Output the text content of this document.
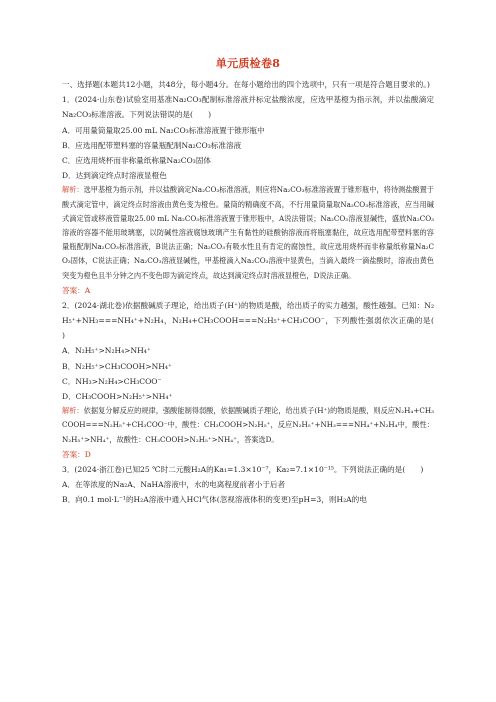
单元质检卷8

一、选择题(本题共12小题，共48分，每小题4分。在每小题给出的四个选项中，只有一项是符合题目要求的。)

1．(2024·山东卷)试验室用基准Na₂CO₃配制标准溶液并标定盐酸浓度，应选甲基橙为指示剂，并以盐酸滴定Na₂CO₃标准溶液。下列说法错误的是(　　)

A．可用量筒量取25.00 mL Na₂CO₃标准溶液置于锥形瓶中

B．应选用配带塑料塞的容量瓶配制Na₂CO₃标准溶液

C．应选用烧杯而非称量纸称量Na₂CO₃固体

D．达到滴定终点时溶液显橙色

解析：选甲基橙为指示剂，并以盐酸滴定Na₂CO₃标准溶液，则应将Na₂CO₃标准溶液置于锥形瓶中，将待测盐酸置于酸式滴定管中，滴定终点时溶液由黄色变为橙色。量筒的精确度不高，不行用量筒量取Na₂CO₃标准溶液，应当用碱式滴定管或移液管量取25.00 mL Na₂CO₃标准溶液置于锥形瓶中，A说法错误；Na₂CO₃溶液显碱性，盛放Na₂CO₃溶液的容器不能用玻璃塞，以防碱性溶液腐蚀玻璃产生有黏性的硅酸钠溶液而将瓶塞黏住，故应选用配带塑料塞的容量瓶配制Na₂CO₃标准溶液，B说法正确；Na₂CO₃有吸水性且有肯定的腐蚀性，故应选用烧杯而非称量纸称量Na₂CO₃固体，C说法正确；Na₂CO₃溶液显碱性，甲基橙滴入Na₂CO₃溶液中显黄色，当滴入最终一滴盐酸时，溶液由黄色突变为橙色且半分钟之内不变色即为滴定终点，故达到滴定终点时溶液显橙色，D说法正确。

答案：A

2．(2024·湖北卷)依据酸碱质子理论，给出质子(H⁺)的物质是酸，给出质子的实力越强，酸性越强。已知：N₂H₅⁺+NH₃===NH₄⁺+N₂H₄，N₂H₄+CH₃COOH===N₂H₅⁺+CH₃COO⁻，下列酸性强弱依次正确的是(　　)

A．N₂H₅⁺>N₂H₄>NH₄⁺

B．N₂H₅⁺>CH₃COOH>NH₄⁺

C．NH₃>N₂H₄>CH₃COO⁻

D．CH₃COOH>N₂H₅⁺>NH₄⁺

解析：依据复分解反应的规律，强酸能制得弱酸，依据酸碱质子理论，给出质子(H⁺)的物质是酸，则反应N₂H₄+CH₃COOH===N₂H₅⁺+CH₃COO⁻中，酸性：CH₃COOH>N₂H₅⁺，反应N₂H₅⁺+NH₃===NH₄⁺+N₂H₄中，酸性：N₂H₅⁺>NH₄⁺，故酸性：CH₃COOH>N₂H₅⁺>NH₄⁺，答案选D。

答案：D

3．(2024·浙江卷)已知25 ℃时二元酸H₂A的Ka₁=1.3×10⁻⁷，Ka₂=7.1×10⁻¹⁵。下列说法正确的是(　　)

A．在等浓度的Na₂A、NaHA溶液中，水的电离程度前者小于后者

B．向0.1 mol·L⁻¹的H₂A溶液中通入HCl气体(忽视溶液体积的变更)至pH=3，则H₂A的电
